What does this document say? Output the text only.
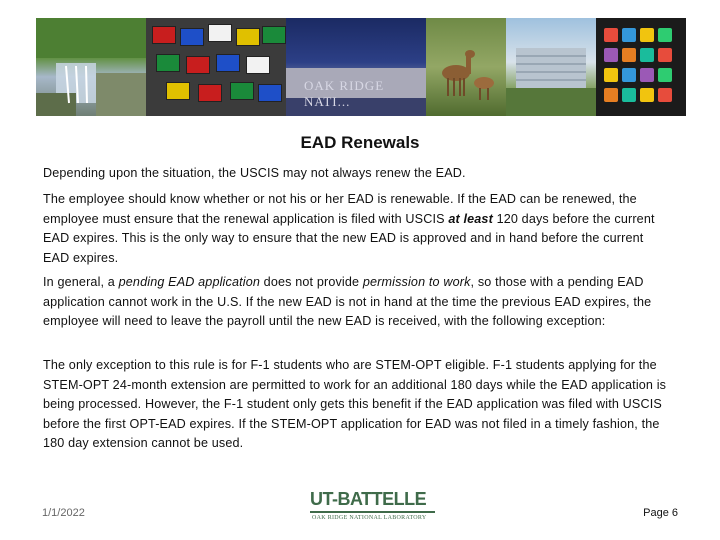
OAK RIDGE NATI...
EAD Renewals

Depending upon the situation, the USCIS may not always renew the EAD.

The employee should know whether or not his or her EAD is renewable. If the EAD can be renewed, the employee must ensure that the renewal application is filed with USCIS at least 120 days before the current EAD expires. This is the only way to ensure that the new EAD is approved and in hand before the current EAD expires.

In general, a pending EAD application does not provide permission to work, so those with a pending EAD application cannot work in the U.S. If the new EAD is not in hand at the time the previous EAD expires, the employee will need to leave the payroll until the new EAD is received, with the following exception:

The only exception to this rule is for F-1 students who are STEM-OPT eligible. F-1 students applying for the STEM-OPT 24-month extension are permitted to work for an additional 180 days while the EAD application is being processed. However, the F-1 student only gets this benefit if the EAD application was filed with USCIS before the first OPT-EAD expires. If the STEM-OPT application for EAD was not filed in a timely fashion, the 180 day extension cannot be used.

1/1/2022
UT-BATTELLE
OAK RIDGE NATIONAL LABORATORY	Page 6
